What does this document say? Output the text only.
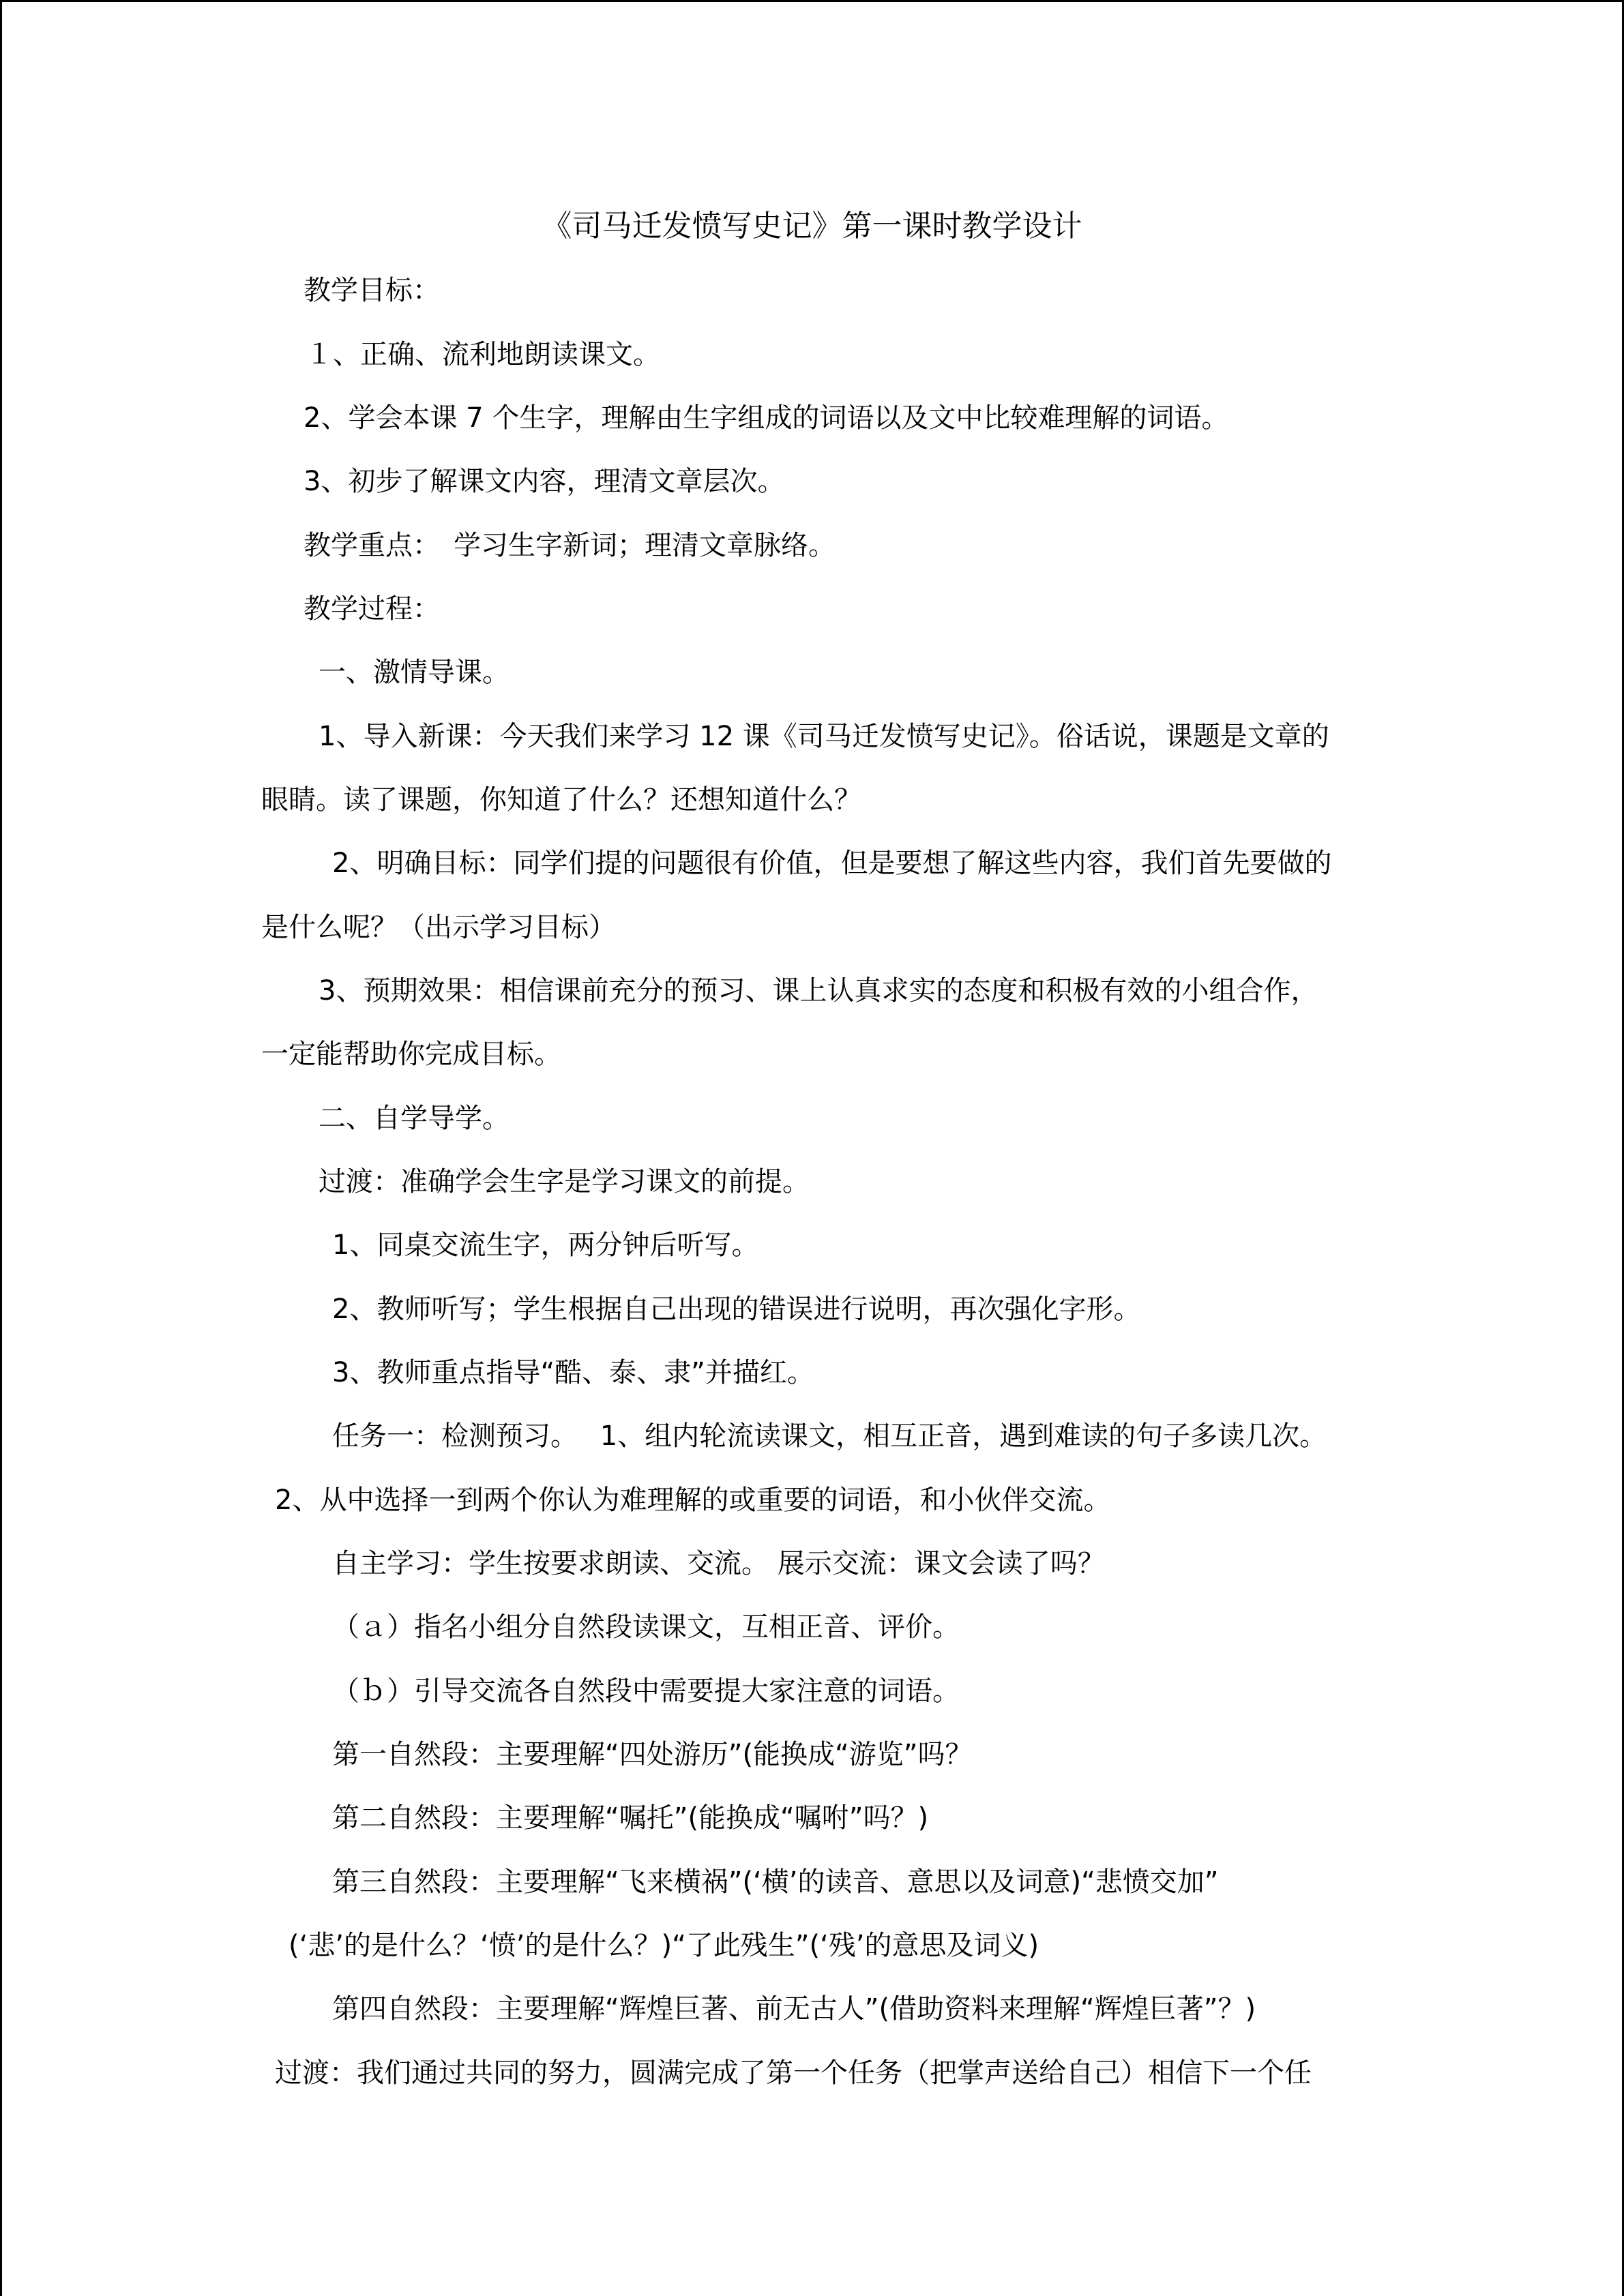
《司马迁发愤写史记》第一课时教学设计
教学目标：
１、正确、流利地朗读课文。
2、学会本课 7 个生字，理解由生字组成的词语以及文中比较难理解的词语。
3、初步了解课文内容，理清文章层次。
教学重点：　学习生字新词；理清文章脉络。
教学过程：
一、激情导课。
1、导入新课：今天我们来学习 12 课《司马迁发愤写史记》。俗话说，课题是文章的
眼睛。读了课题，你知道了什么？还想知道什么？
2、明确目标：同学们提的问题很有价值，但是要想了解这些内容，我们首先要做的
是什么呢？（出示学习目标）
3、预期效果：相信课前充分的预习、课上认真求实的态度和积极有效的小组合作，
一定能帮助你完成目标。
二、自学导学。
过渡：准确学会生字是学习课文的前提。
1、同桌交流生字，两分钟后听写。
2、教师听写；学生根据自己出现的错误进行说明，再次强化字形。
3、教师重点指导“酷、泰、隶”并描红。
任务一：检测预习。　 1、组内轮流读课文，相互正音，遇到难读的句子多读几次。
2、从中选择一到两个你认为难理解的或重要的词语，和小伙伴交流。
自主学习：学生按要求朗读、交流。 展示交流：课文会读了吗？
（ａ）指名小组分自然段读课文，互相正音、评价。
（ｂ）引导交流各自然段中需要提大家注意的词语。
第一自然段：主要理解“四处游历”(能换成“游览”吗？
第二自然段：主要理解“嘱托”(能换成“嘱咐”吗？)
第三自然段：主要理解“飞来横祸”(‘横’的读音、意思以及词意)“悲愤交加”
(‘悲’的是什么？‘愤’的是什么？)“了此残生”(‘残’的意思及词义)
第四自然段：主要理解“辉煌巨著、前无古人”(借助资料来理解“辉煌巨著”？)
过渡：我们通过共同的努力，圆满完成了第一个任务（把掌声送给自己）相信下一个任
